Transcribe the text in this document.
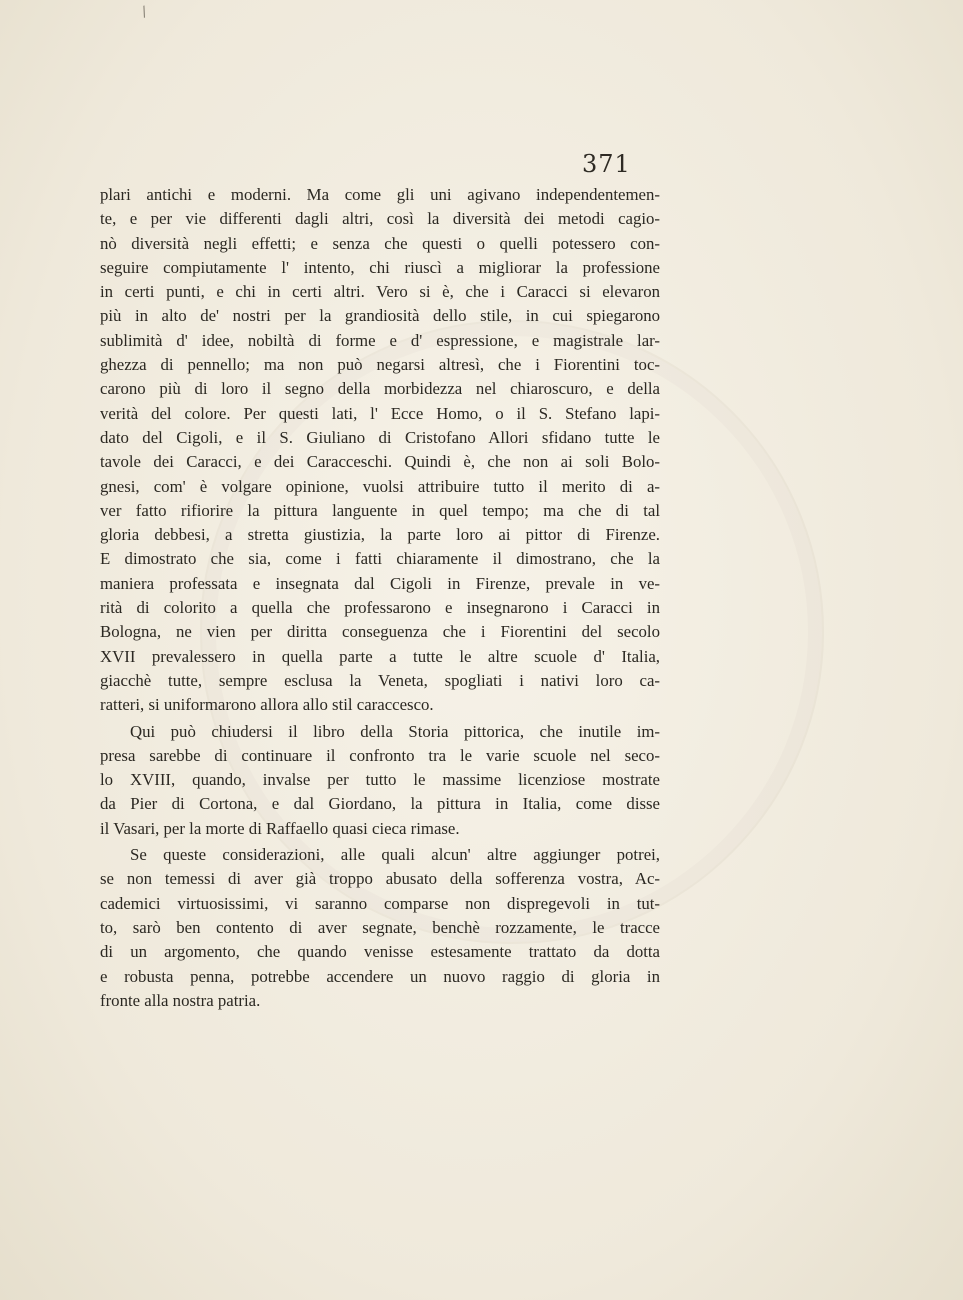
/
371
plari antichi e moderni. Ma come gli uni agivano independentemen-
te, e per vie differenti dagli altri, così la diversità dei metodi cagio-
nò diversità negli effetti; e senza che questi o quelli potessero con-
seguire compiutamente l' intento, chi riuscì a migliorar la professione
in certi punti, e chi in certi altri. Vero si è, che i Caracci si elevaron
più in alto de' nostri per la grandiosità dello stile, in cui spiegarono
sublimità d' idee, nobiltà di forme e d' espressione, e magistrale lar-
ghezza di pennello; ma non può negarsi altresì, che i Fiorentini toc-
carono più di loro il segno della morbidezza nel chiaroscuro, e della
verità del colore. Per questi lati, l' Ecce Homo, o il S. Stefano lapi-
dato del Cigoli, e il S. Giuliano di Cristofano Allori sfidano tutte le
tavole dei Caracci, e dei Caracceschi. Quindi è, che non ai soli Bolo-
gnesi, com' è volgare opinione, vuolsi attribuire tutto il merito di a-
ver fatto rifiorire la pittura languente in quel tempo; ma che di tal
gloria debbesi, a stretta giustizia, la parte loro ai pittor di Firenze.
E dimostrato che sia, come i fatti chiaramente il dimostrano, che la
maniera professata e insegnata dal Cigoli in Firenze, prevale in ve-
rità di colorito a quella che professarono e insegnarono i Caracci in
Bologna, ne vien per diritta conseguenza che i Fiorentini del secolo
XVII prevalessero in quella parte a tutte le altre scuole d' Italia,
giacchè tutte, sempre esclusa la Veneta, spogliati i nativi loro ca-
ratteri, si uniformarono allora allo stil caraccesco.
Qui può chiudersi il libro della Storia pittorica, che inutile im-
presa sarebbe di continuare il confronto tra le varie scuole nel seco-
lo XVIII, quando, invalse per tutto le massime licenziose mostrate
da Pier di Cortona, e dal Giordano, la pittura in Italia, come disse
il Vasari, per la morte di Raffaello quasi cieca rimase.
Se queste considerazioni, alle quali alcun' altre aggiunger potrei,
se non temessi di aver già troppo abusato della sofferenza vostra, Ac-
cademici virtuosissimi, vi saranno comparse non dispregevoli in tut-
to, sarò ben contento di aver segnate, benchè rozzamente, le tracce
di un argomento, che quando venisse estesamente trattato da dotta
e robusta penna, potrebbe accendere un nuovo raggio di gloria in
fronte alla nostra patria.
